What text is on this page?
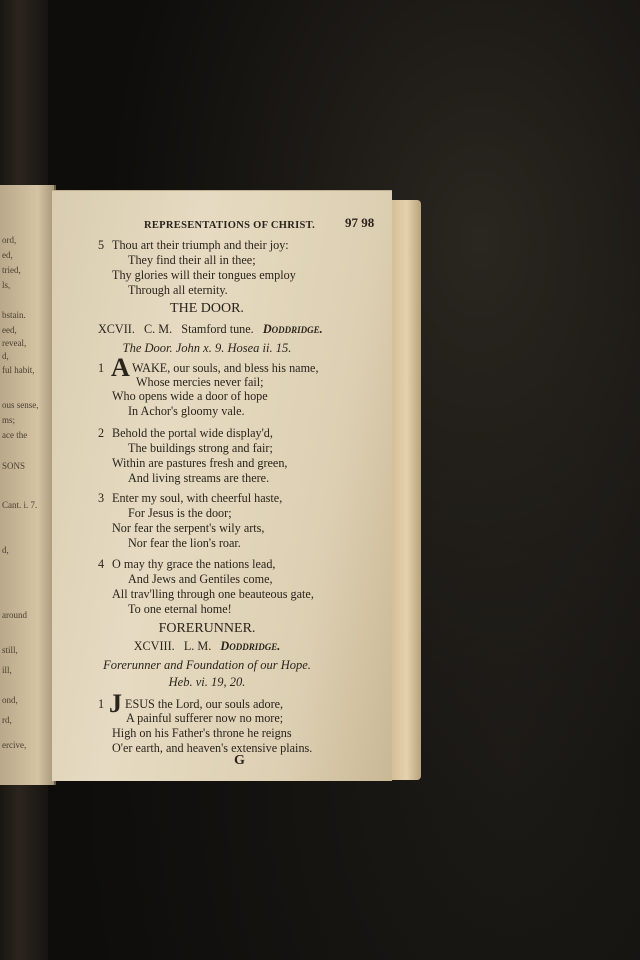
ord,
ed,
tried,
ls,
bstain.
eed,
reveal,
d,
ful habit,
ous sense,
ms;
ace the
SONS
Cant. i. 7.
d,
around
still,
ill,
ond,
rd,
ercive,
REPRESENTATIONS OF CHRIST. 97 98
5 Thou art their triumph and their joy:
They find their all in thee;
Thy glories will their tongues employ
Through all eternity.
THE DOOR.
XCVII. C. M. Stamford tune. Doddridge.
The Door. John x. 9. Hosea ii. 15.
1 A WAKE, our souls, and bless his name,
Whose mercies never fail;
Who opens wide a door of hope
In Achor's gloomy vale.
2 Behold the portal wide display'd,
The buildings strong and fair;
Within are pastures fresh and green,
And living streams are there.
3 Enter my soul, with cheerful haste,
For Jesus is the door;
Nor fear the serpent's wily arts,
Nor fear the lion's roar.
4 O may thy grace the nations lead,
And Jews and Gentiles come,
All trav'lling through one beauteous gate,
To one eternal home!
FORERUNNER.
XCVIII. L. M. Doddridge.
Forerunner and Foundation of our Hope.
Heb. vi. 19, 20.
1 J ESUS the Lord, our souls adore,
A painful sufferer now no more;
High on his Father's throne he reigns
O'er earth, and heaven's extensive plains.
G
